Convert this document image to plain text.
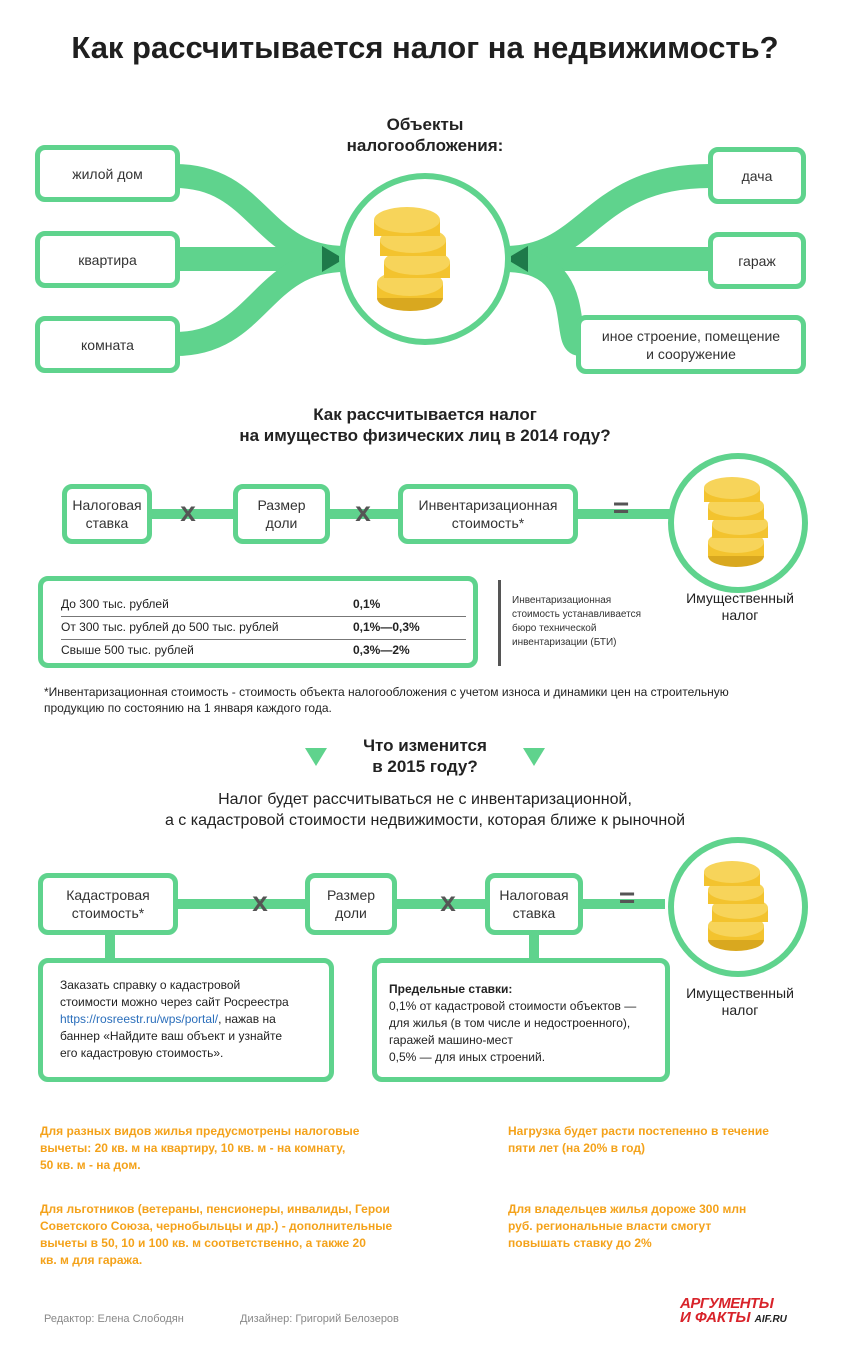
Как рассчитывается налог на недвижимость?
Объекты
налогообложения:
жилой дом
квартира
комната
дача
гараж
иное строение, помещение
и сооружение
Как рассчитывается налог
на имущество физических лиц в 2014 году?
Налоговая
ставка x	Размер
доли x	Инвентаризационная
стоимость*	=
До 300 тыс. рублей	0,1%
От 300 тыс. рублей до 500 тыс. рублей	0,1%—0,3%
Свыше 500 тыс. рублей	0,3%—2%
Инвентаризационная
стоимость устанавливается
бюро технической
инвентаризации (БТИ)
Имущественный
налог
*Инвентаризационная стоимость - стоимость объекта налогообложения с учетом износа и динамики цен на строительную
продукцию по состоянию на 1 января каждого года.
Что изменится
в 2015 году?
Налог будет рассчитываться не с инвентаризационной,
а с кадастровой стоимости недвижимости, которая ближе к рыночной
Кадастровая
стоимость*	x	Размер
доли	x	Налоговая
ставка =
Заказать справку о кадастровой
стоимости можно через сайт Росреестра
https://rosreestr.ru/wps/portal/, нажав на
баннер «Найдите ваш объект и узнайте
его кадастровую стоимость».
Предельные ставки:
0,1% от кадастровой стоимости объектов —
для жилья (в том числе и недостроенного),
гаражей машино-мест
0,5% — для иных строений.
Имущественный
налог
Для разных видов жилья предусмотрены налоговые
вычеты: 20 кв. м на квартиру, 10 кв. м - на комнату,
50 кв. м - на дом.
Для льготников (ветераны, пенсионеры, инвалиды, Герои
Советского Союза, чернобыльцы и др.) - дополнительные
вычеты в 50, 10 и 100 кв. м соответственно, а также 20
кв. м для гаража.
Нагрузка будет расти постепенно в течение
пяти лет (на 20% в год)
Для владельцев жилья дороже 300 млн
руб. региональные власти смогут
повышать ставку до 2%
Редактор: Елена Слободян	Дизайнер: Григорий Белозеров
АРГУМЕНТЫ
И ФАКТЫ AIF.RU
